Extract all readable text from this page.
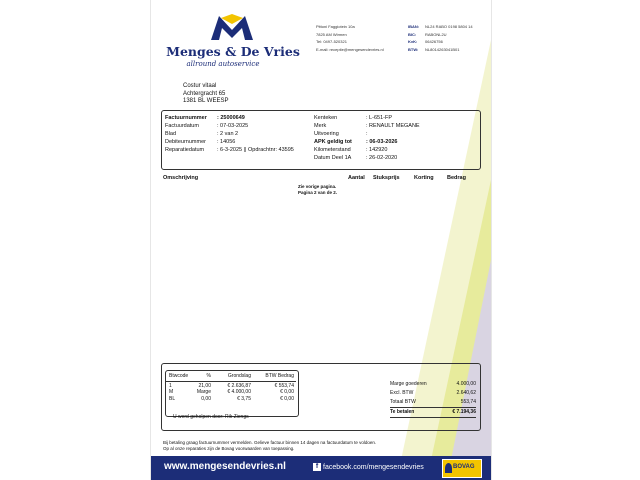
Menges & De Vries
allround autoservice
Pittoni Faggiotein 10a
7825 AM Wirmen
Tel: 0497-520321
E-mail: receptie@mengesendevries.nl
IBAN: NL24 RABO 0198 5804 14
BIC: RABONL2U
KvK: 06426756
BTW: NL8014263041B01
Costur vitaal
Achtergracht 65
1381 BL WEESP
Factuurnummer : 25000649
Factuurdatum	: 07-03-2025
Blad	: 2 van 2
Debiteurnummer : 14056
Reparatiedatum : 6-3-2025 || Opdrachtnr: 43595
Kenteken	: L-651-FP
Merk	: RENAULT MEGANE
Uitvoering	:
APK geldig tot	: 06-03-2026
Kilometerstand	: 142920
Datum Deel 1A	: 26-02-2020
Omschrijving	Aantal Stuksprijs	Korting Bedrag
Zie vorige pagina.
Pagina 2 van de 2.
Btwcode	%	Grondslag	BTW Bedrag
1	21,00	€ 2.636,87	€ 553,74
M	Marge	€ 4.000,00	€ 0,00
BL	0,00	€ 3,75	€ 0,00
U werd geholpen door: Rik Ziengs
Marge goederen	4.000,00
Excl. BTW	2.640,62
Totaal BTW	553,74
Te betalen	€ 7.194,36
Bij betaling graag factuurnummer vermelden. Gelieve factuur binnen 14 dagen na factuurdatum te voldoen.
Op al onze reparaties zijn de Bovag voorwaarden van toepassing.
www.mengesendevries.nl	f facebook.com/mengesendevries	BOVAG
